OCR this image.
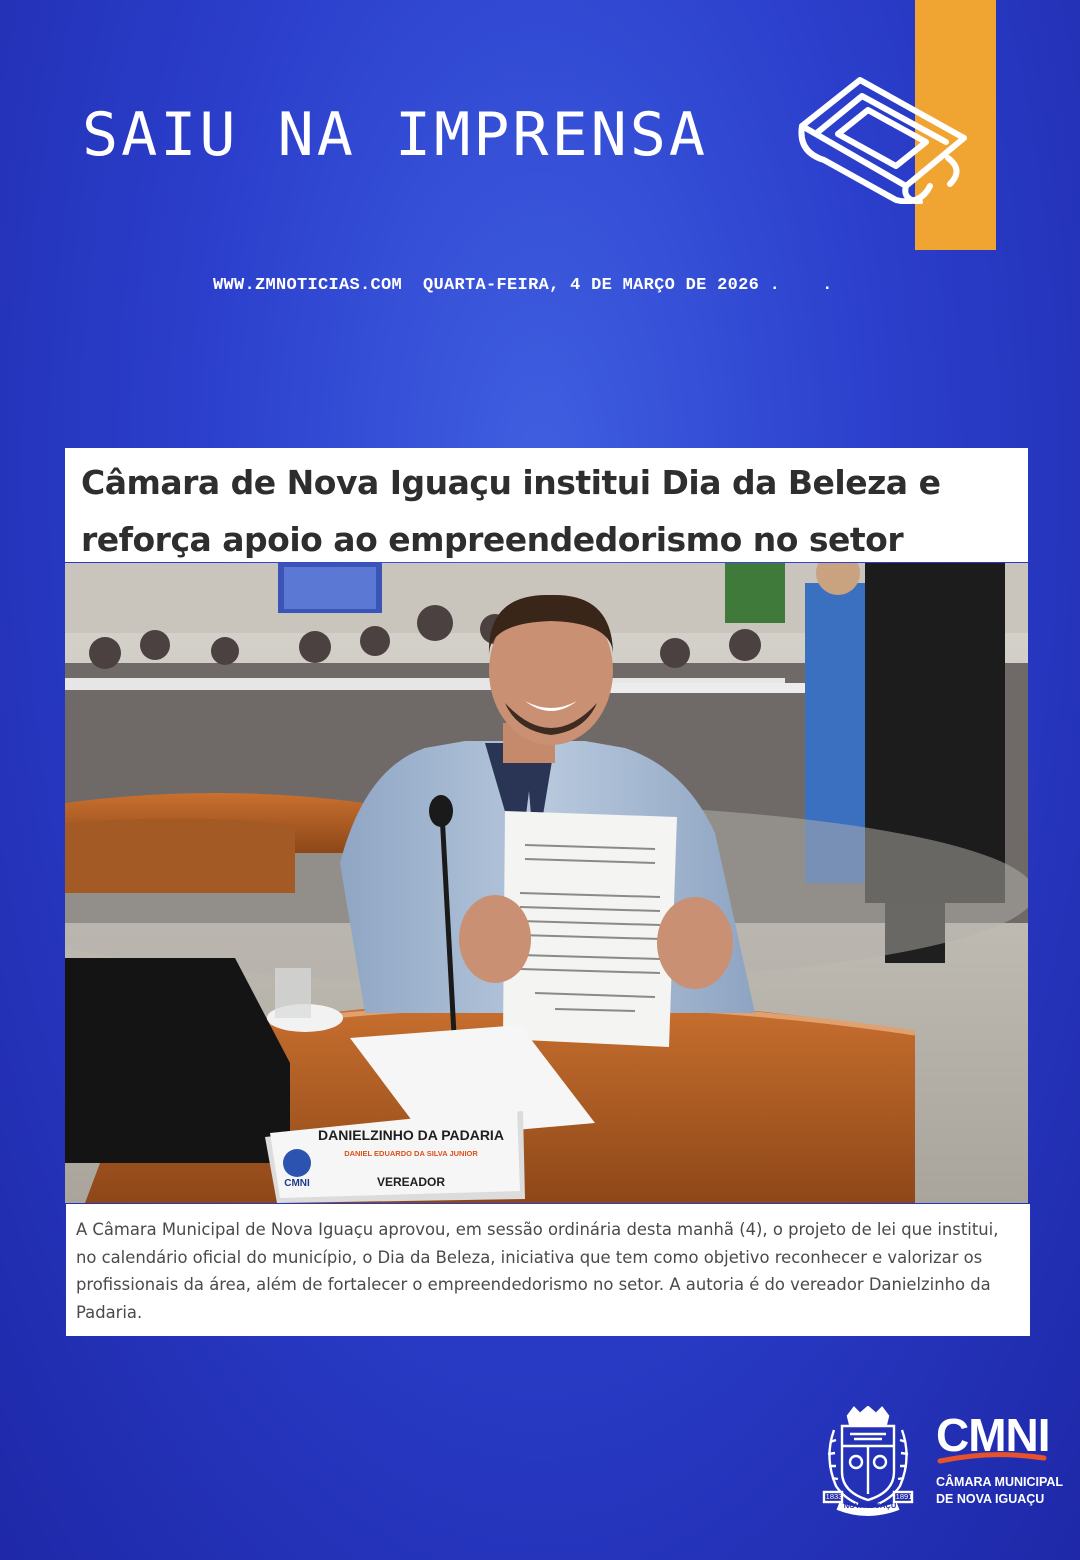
SAIU NA IMPRENSA
WWW.ZMNOTICIAS.COM QUARTA-FEIRA, 4 DE MARÇO DE 2026 .    .
Câmara de Nova Iguaçu institui Dia da Beleza e
reforça apoio ao empreendedorismo no setor
DANIELZINHO DA PADARIA
DANIEL EDUARDO DA SILVA JUNIOR
VEREADOR
CMNI

A Câmara Municipal de Nova Iguaçu aprovou, em sessão ordinária desta manhã (4), o projeto de lei que institui, no calendário oficial do município, o Dia da Beleza, iniciativa que tem como objetivo reconhecer e valorizar os profissionais da área, além de fortalecer o empreendedorismo no setor. A autoria é do vereador Danielzinho da Padaria.

1833	1891
NOVA IGUAÇU
CMNI
CÂMARA MUNICIPAL
DE NOVA IGUAÇU
